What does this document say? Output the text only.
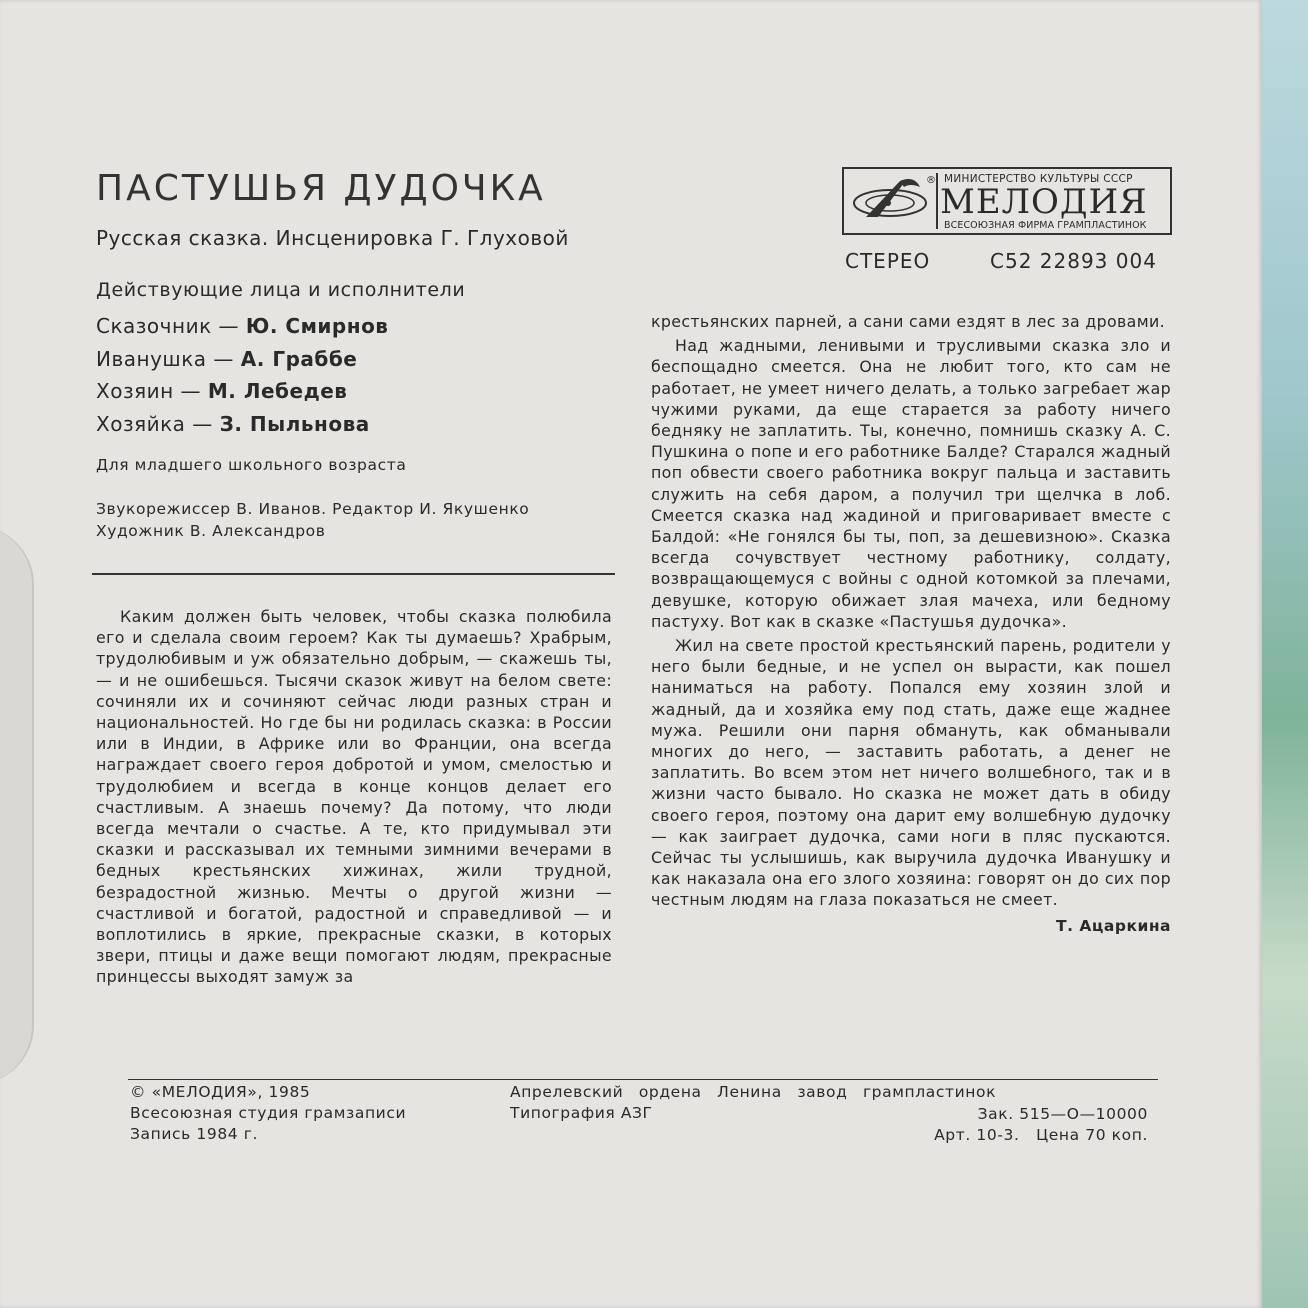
ПАСТУШЬЯ ДУДОЧКА
Русская сказка. Инсценировка Г. Глуховой
Действующие лица и исполнители
Сказочник — Ю. Смирнов
Иванушка — А. Граббе
Хозяин — М. Лебедев
Хозяйка — З. Пыльнова
Для младшего школьного возраста
Звукорежиссер В. Иванов. Редактор И. Якушенко
Художник В. Александров
® МИНИСТЕРСТВО КУЛЬТУРЫ СССР
МЕЛОДИЯ
ВСЕСОЮЗНАЯ ФИРМА ГРАМПЛАСТИНОК
СТЕРЕО	С52 22893 004

Каким должен быть человек, чтобы сказка полюбила его и сделала своим героем? Как ты думаешь? Храбрым, трудолюбивым и уж обязательно добрым, — скажешь ты, — и не ошибешься. Тысячи сказок живут на белом свете: сочиняли их и сочиняют сейчас люди разных стран и национальностей. Но где бы ни родилась сказка: в России или в Индии, в Африке или во Франции, она всегда награждает своего героя добротой и умом, смелостью и трудолюбием и всегда в конце концов делает его счастливым. А знаешь почему? Да потому, что люди всегда мечтали о счастье. А те, кто придумывал эти сказки и рассказывал их темными зимними вечерами в бедных крестьянских хижинах, жили трудной, безрадостной жизнью. Мечты о другой жизни — счастливой и богатой, радостной и справедливой — и воплотились в яркие, прекрасные сказки, в которых звери, птицы и даже вещи помогают людям, прекрасные принцессы выходят замуж за

крестьянских парней, а сани сами ездят в лес за дровами.

Над жадными, ленивыми и трусливыми сказка зло и беспощадно смеется. Она не любит того, кто сам не работает, не умеет ничего делать, а только загребает жар чужими руками, да еще старается за работу ничего бедняку не заплатить. Ты, конечно, помнишь сказку А. С. Пушкина о попе и его работнике Балде? Старался жадный поп обвести своего работника вокруг пальца и заставить служить на себя даром, а получил три щелчка в лоб. Смеется сказка над жадиной и приговаривает вместе с Балдой: «Не гонялся бы ты, поп, за дешевизною». Сказка всегда сочувствует честному работнику, солдату, возвращающемуся с войны с одной котомкой за плечами, девушке, которую обижает злая мачеха, или бедному пастуху. Вот как в сказке «Пастушья дудочка».

Жил на свете простой крестьянский парень, родители у него были бедные, и не успел он вырасти, как пошел наниматься на работу. Попался ему хозяин злой и жадный, да и хозяйка ему под стать, даже еще жаднее мужа. Решили они парня обмануть, как обманывали многих до него, — заставить работать, а денег не заплатить. Во всем этом нет ничего волшебного, так и в жизни часто бывало. Но сказка не может дать в обиду своего героя, поэтому она дарит ему волшебную дудочку — как заиграет дудочка, сами ноги в пляс пускаются. Сейчас ты услышишь, как выручила дудочка Иванушку и как наказала она его злого хозяина: говорят он до сих пор честным людям на глаза показаться не смеет.

Т. Ацаркина
© «МЕЛОДИЯ», 1985
Всесоюзная студия грамзаписи
Запись 1984 г.
Апрелевский ордена Ленина завод грампластинок
Типография АЗГ	Зак. 515—О—10000
Арт. 10-3.   Цена 70 коп.
